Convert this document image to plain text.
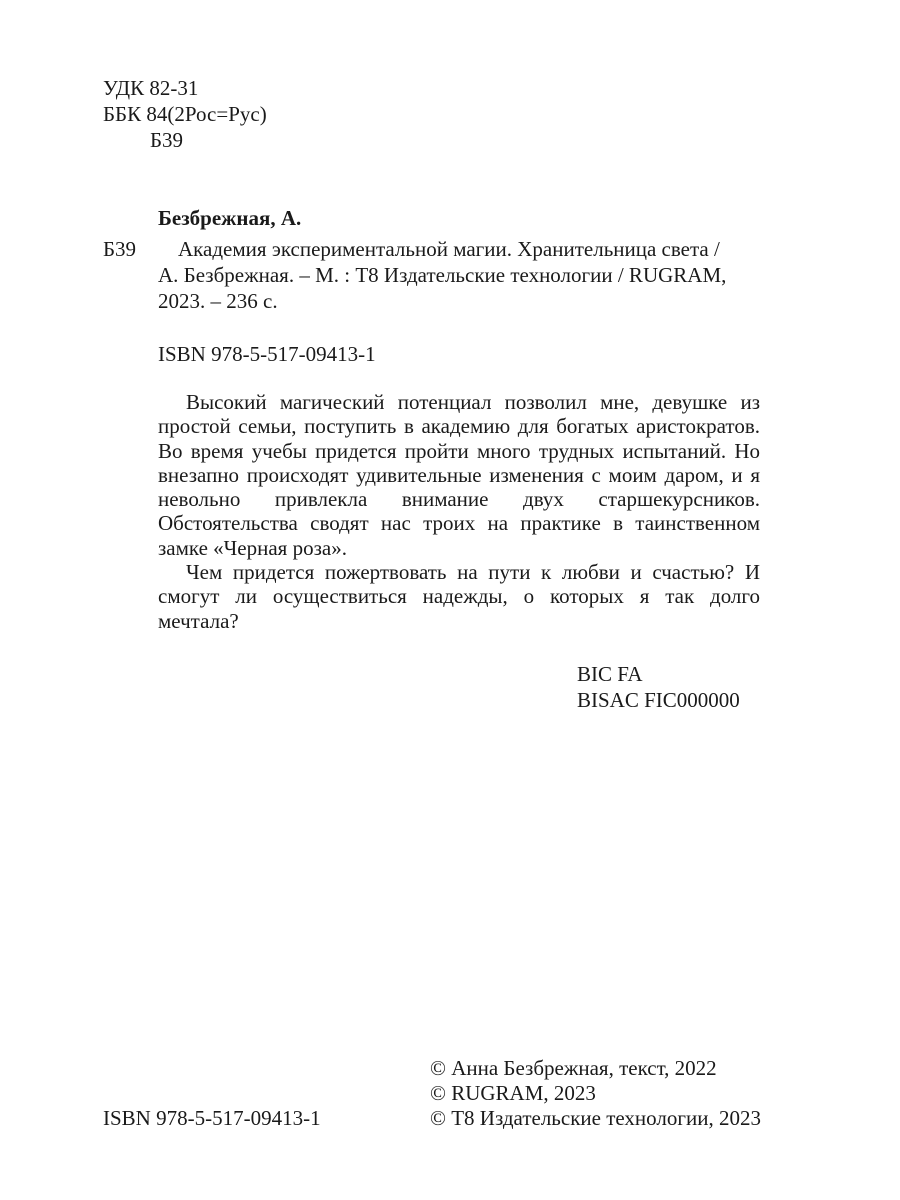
УДК 82-31
ББК 84(2Рос=Рус)
Б39
Безбрежная, А.
Б39 Академия экспериментальной магии. Хранительница света /
А. Безбрежная. – М. : Т8 Издательские технологии / RUGRAM,
2023. – 236 с.
ISBN 978-5-517-09413-1

Высокий магический потенциал позволил мне, девушке из простой семьи, поступить в академию для богатых аристократов. Во время учебы придется пройти много трудных испытаний. Но внезапно происходят удивительные изменения с моим даром, и я невольно привлекла внимание двух старшекурсников. Обстоятельства сводят нас троих на практике в таинственном замке «Черная роза».

Чем придется пожертвовать на пути к любви и счастью? И смогут ли осуществиться надежды, о которых я так долго мечтала?

BIC FA
BISAC FIC000000
© Анна Безбрежная, текст, 2022
© RUGRAM, 2023
© Т8 Издательские технологии, 2023
ISBN 978-5-517-09413-1
